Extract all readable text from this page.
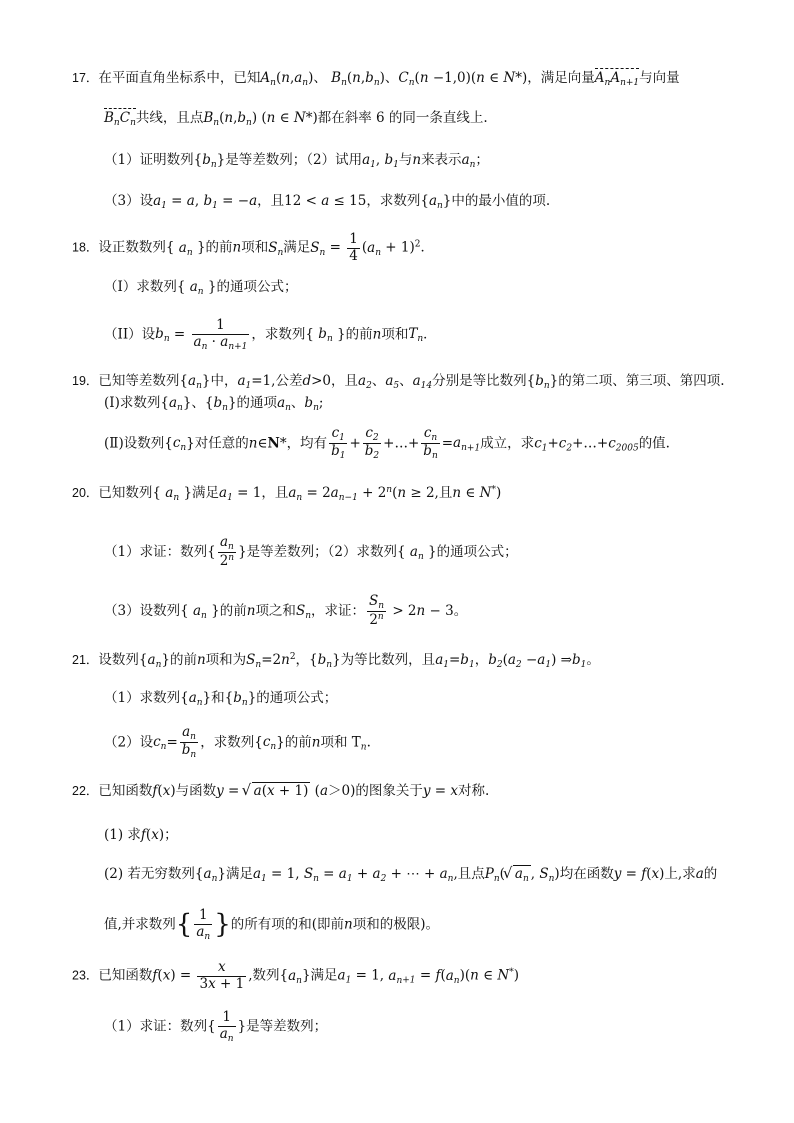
17．在平面直角坐标系中，已知$A_n(n,a_n)$、 $B_n(n,b_n)$、$C_n(n -1,0)(n$ ∈ N*)，满足向量$A_nA_{n+1}$与向量
$B_nC_n$共线，且点$B_n(n,b_n)$ (n ∈ N*)都在斜率 6 的同一条直线上.
（1）证明数列$\{b_n\}$是等差数列；（2）试用$a_1$, $b_1$与n来表示$a_n$；
（3）设$a_1 = a$, $b_1 = -a$，且12 < a ≤ 15，求数列$\{a_n\}$中的最小值的项.
18．设正数数列{ $a_n$ }的前n项和$S_n$满足$S_n = \frac{1}{4} (a_n + 1)^2$．
（I）求数列{ $a_n$ }的通项公式；
（II）设$b_n = \frac{1}{a_n \cdot a_{n+1}}$ ，求数列{ $b_n$ }的前n项和$T_n$．
19．已知等差数列$\{a_n\}$中，$a_1=1$,公差d>0，且$a_2$、$a_5$、$a_{14}$分别是等比数列$\{b_n\}$的第二项、第三项、第四项.
(Ⅰ)求数列$\{a_n\}$、$\{b_n\}$的通项$a_n$、$b_n$;
(Ⅱ)设数列$\{c_n\}$对任意的n∈N*，均有 $\frac{c_1}{b_1} + \frac{c_2}{b_2}$ +…+ $\frac{c_n}{b_n} =a_{n+1}$成立，求$c_1+c_2+\dots+c_{2005}$的值.
20．已知数列{ $a_n$ }满足$a_1 = 1$，且$a_n = 2a_{n-1} + 2^n(n \ge 2$,且n ∈ N*)
（1）求证：数列{ $\frac{a_n}{2^n}$ }是等差数列；（2）求数列{ $a_n$ }的通项公式；
（3）设数列{ $a_n$ }的前n项之和$S_n$，求证： $\frac{S_n}{2^n} > 2n - 3$。
21．设数列$\{a_n\}$的前n项和为$S_n=2n^2$，$\{b_n\}$为等比数列，且$a_1=b_1$，$b_2(a_2 -a_1)$ $\Rightarrow b_1$。
（1）求数列$\{a_n\}$和$\{b_n\}$的通项公式；
（2）设$c_n= \frac{a_n}{b_n}$ ，求数列$\{c_n\}$的前n项和 $T_n$.
22．已知函数f(x)与函数y = √ a(x + 1) (a＞0)的图象关于y = x对称.
(1) 求f(x)；
(2) 若无穷数列$\{a_n\}$满足$a_1 = 1$, $S_n = a_1 + a_2$ + ⋯ + $a_n$,且点$P_n(√$ $a_n$ , $S_n$)均在函数y = f(x)上,求a的
值,并求数列{ $\frac{1}{a_n}$ }的所有项的和(即前n项和的极限)。
23．已知函数$f(x) = \frac{x}{3x + 1}$ ,数列$\{a_n\}$满足$a_1 = 1$, $a_{n+1} = f(a_n)(n$ ∈ N*)
（1）求证：数列{ $\frac{1}{a_n}$ }是等差数列；
